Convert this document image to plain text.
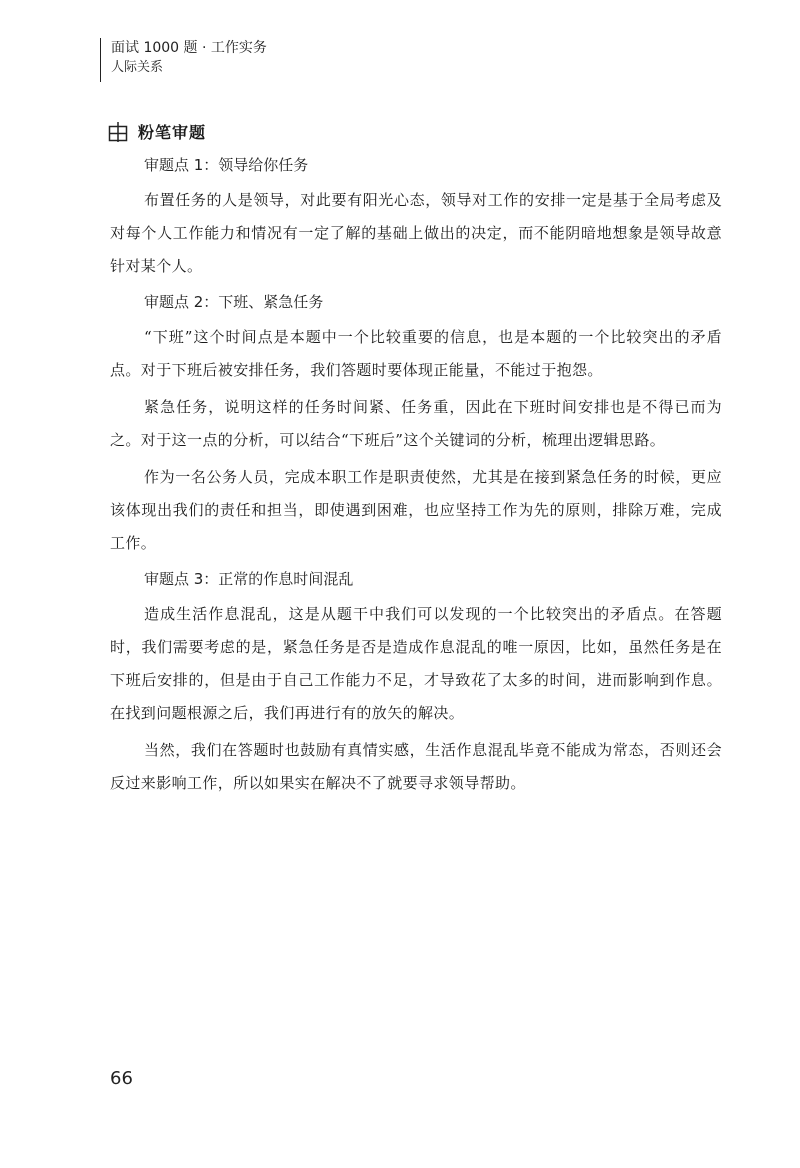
面试 1000 题 · 工作实务
人际关系
粉笔审题

审题点 1：领导给你任务

布置任务的人是领导，对此要有阳光心态，领导对工作的安排一定是基于全局考虑及对每个人工作能力和情况有一定了解的基础上做出的决定，而不能阴暗地想象是领导故意针对某个人。

审题点 2：下班、紧急任务

“下班”这个时间点是本题中一个比较重要的信息，也是本题的一个比较突出的矛盾点。对于下班后被安排任务，我们答题时要体现正能量，不能过于抱怨。

紧急任务，说明这样的任务时间紧、任务重，因此在下班时间安排也是不得已而为之。对于这一点的分析，可以结合“下班后”这个关键词的分析，梳理出逻辑思路。

作为一名公务人员，完成本职工作是职责使然，尤其是在接到紧急任务的时候，更应该体现出我们的责任和担当，即使遇到困难，也应坚持工作为先的原则，排除万难，完成工作。

审题点 3：正常的作息时间混乱

造成生活作息混乱，这是从题干中我们可以发现的一个比较突出的矛盾点。在答题时，我们需要考虑的是，紧急任务是否是造成作息混乱的唯一原因，比如，虽然任务是在下班后安排的，但是由于自己工作能力不足，才导致花了太多的时间，进而影响到作息。在找到问题根源之后，我们再进行有的放矢的解决。

当然，我们在答题时也鼓励有真情实感，生活作息混乱毕竟不能成为常态，否则还会反过来影响工作，所以如果实在解决不了就要寻求领导帮助。

66
